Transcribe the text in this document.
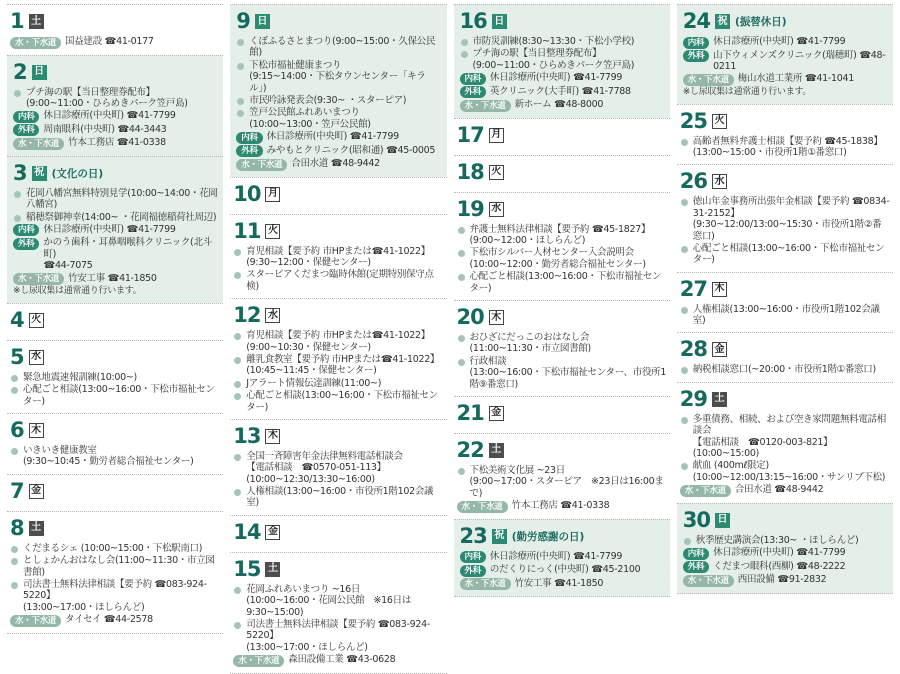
1 土
水・下水道 国益建設 ☎41-0177
2 日
プチ海の駅【当日整理券配布】
(9:00~11:00・ひらめきパーク笠戸島)
内科 休日診療所(中央町) ☎41-7799
外科 周南眼科(中央町) ☎44-3443
水・下水道 竹本工務店 ☎41-0338
3 祝 (文化の日)
花岡八幡宮無料特別見学(10:00~14:00・花岡八幡宮)
稲穂祭御神幸(14:00~ ・花岡福徳稲荷社周辺)
内科 休日診療所(中央町) ☎41-7799
外科 かのう歯科・耳鼻咽喉科クリニック(北斗町)
☎44-7075
水・下水道 竹安工事 ☎41-1850
※し尿収集は通常通り行います。
4 火
5 水
緊急地震速報訓練(10:00~)
心配ごと相談(13:00~16:00・下松市福祉センター)
6 木
いきいき健康教室
(9:30~10:45・勤労者総合福祉センター)
7 金
8 土
くだまるシェ (10:00~15:00・下松駅南口)
としょかんおはなし会(11:00~11:30・市立図書館)
司法書士無料法律相談【要予約 ☎083-924-5220】
(13:00~17:00・ほしらんど)
水・下水道 タイセイ ☎44-2578
9 日
くぼふるさとまつり(9:00~15:00・久保公民館)
下松市福祉健康まつり
(9:15~14:00・下松タウンセンター「キラル」)
市民吟詠発表会(9:30~ ・スターピア)
笠戸公民館ふれあいまつり
(10:00~13:00・笠戸公民館)
内科 休日診療所(中央町) ☎41-7799
外科 みやもとクリニック(昭和通) ☎45-0005
水・下水道 合田水道 ☎48-9442
10 月
11 火
育児相談【要予約 市HPまたは☎41-1022】
(9:30~12:00・保健センター)
スターピアくだまつ臨時休館(定期特別保守点検)
12 水
育児相談【要予約 市HPまたは☎41-1022】
(9:00~10:30・保健センター)
離乳食教室【要予約 市HPまたは☎41-1022】
(10:45~11:45・保健センター)
Jアラート情報伝達訓練(11:00~)
心配ごと相談(13:00~16:00・下松市福祉センター)
13 木
全国一斉障害年金法律無料電話相談会
【電話相談　☎0570-051-113】
(10:00~12:30/13:30~16:00)
人権相談(13:00~16:00・市役所1階102会議室)
14 金
15 土
花岡ふれあいまつり ~16日
(10:00~16:00・花岡公民館　※16日は9:30~15:00)
司法書士無料法律相談【要予約 ☎083-924-5220】
(13:00~17:00・ほしらんど)
水・下水道 森田設備工業 ☎43-0628
16 日
市防災訓練(8:30~13:30・下松小学校)
プチ海の駅【当日整理券配布】
(9:00~11:00・ひらめきパーク笠戸島)
内科 休日診療所(中央町) ☎41-7799
外科 英クリニック(大手町) ☎41-7788
水・下水道 新ホーム ☎48-8000
17 月
18 火
19 水
弁護士無料法律相談【要予約 ☎45-1827】
(9:00~12:00・ほしらんど)
下松市シルバー人材センター入会説明会
(10:00~12:00・勤労者総合福祉センター)
心配ごと相談(13:00~16:00・下松市福祉センター)
20 木
おひざにだっこのおはなし会
(11:00~11:30・市立図書館)
行政相談
(13:00~16:00・下松市福祉センター、市役所1階⑨番窓口)
21 金
22 土
下松美術文化展 ~23日
(9:00~17:00・スターピア　※23日は16:00まで)
水・下水道 竹本工務店 ☎41-0338
23 祝 (勤労感謝の日)
内科 休日診療所(中央町) ☎41-7799
外科 のだくりにっく(中央町) ☎45-2100
水・下水道 竹安工事 ☎41-1850
24 祝 (振替休日)
内科 休日診療所(中央町) ☎41-7799
外科 山下ウィメンズクリニック(瑞穂町) ☎48-0211
水・下水道 梅山水道工業所 ☎41-1041
※し尿収集は通常通り行います。
25 火
高齢者無料弁護士相談【要予約 ☎45-1838】
(13:00~15:00・市役所1階①番窓口)
26 水
徳山年金事務所出張年金相談【要予約 ☎0834-31-2152】
(9:30~12:00/13:00~15:30・市役所1階②番窓口)
心配ごと相談(13:00~16:00・下松市福祉センター)
27 木
人権相談(13:00~16:00・市役所1階102会議室)
28 金
納税相談窓口(~20:00・市役所1階①番窓口)
29 土
多重債務、相続、および空き家問題無料電話相談会
【電話相談　☎0120-003-821】(10:00~15:00)
献血 (400mℓ限定)
(10:00~12:00/13:15~16:00・サンリブ下松)
水・下水道 合田水道 ☎48-9442
30 日
秋季歴史講演会(13:30~ ・ほしらんど)
内科 休日診療所(中央町) ☎41-7799
外科 くだまつ眼科(西柳) ☎48-2222
水・下水道 西田設備 ☎91-2832
